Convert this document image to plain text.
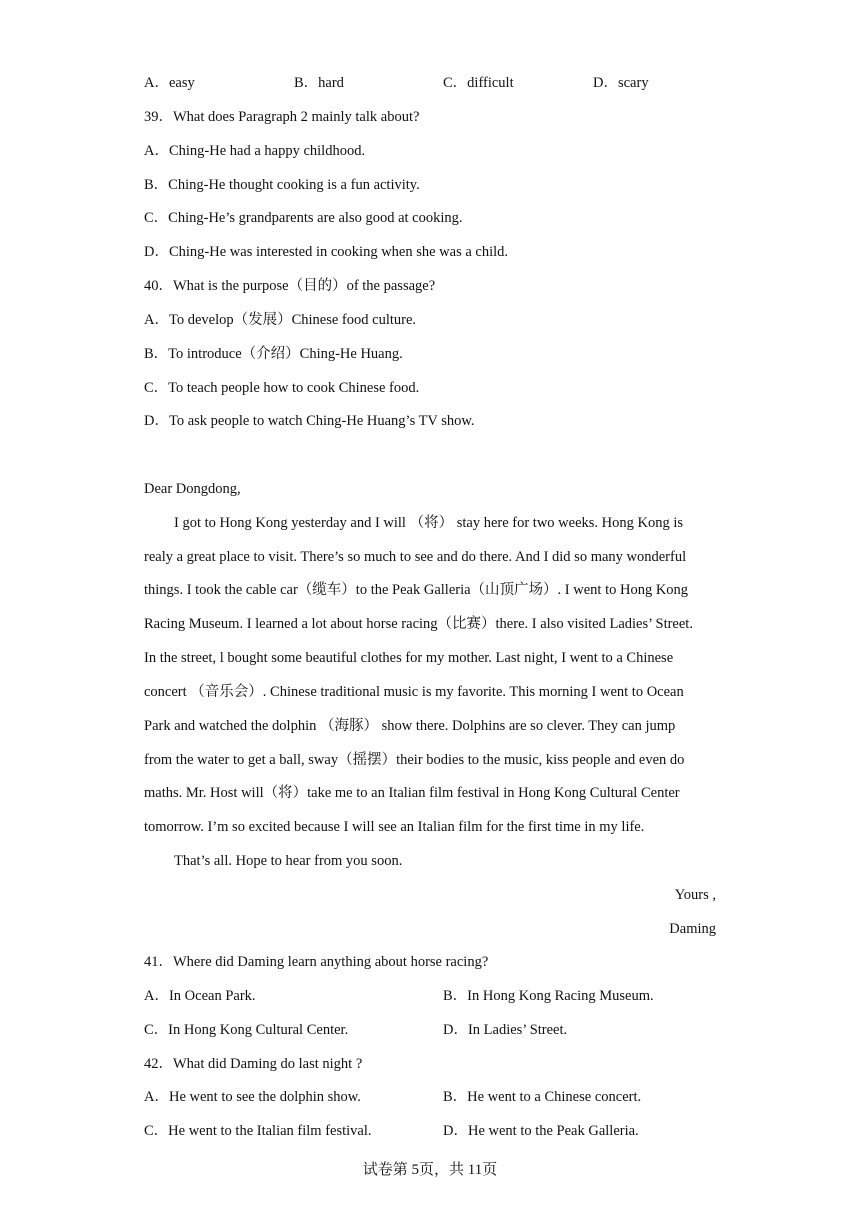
A．easy	B．hard	C．difficult	D．scary
39．What does Paragraph 2 mainly talk about?
A．Ching-He had a happy childhood.
B．Ching-He thought cooking is a fun activity.
C．Ching-He’s grandparents are also good at cooking.
D．Ching-He was interested in cooking when she was a child.
40．What is the purpose（目的）of the passage?
A．To develop（发展）Chinese food culture.
B．To introduce（介绍）Ching-He Huang.
C．To teach people how to cook Chinese food.
D．To ask people to watch Ching-He Huang’s TV show.
Dear Dongdong,
I got to Hong Kong yesterday and I will （将） stay here for two weeks. Hong Kong is
realy a great place to visit. There’s so much to see and do there. And I did so many wonderful
things. I took the cable car（缆车）to the Peak Galleria（山顶广场）. I went to Hong Kong
Racing Museum. I learned a lot about horse racing（比赛）there. I also visited Ladies’ Street.
In the street, l bought some beautiful clothes for my mother. Last night, I went to a Chinese
concert （音乐会）. Chinese traditional music is my favorite. This morning I went to Ocean
Park and watched the dolphin （海豚） show there. Dolphins are so clever. They can jump
from the water to get a ball, sway（摇摆）their bodies to the music, kiss people and even do
maths. Mr. Host will（将）take me to an Italian film festival in Hong Kong Cultural Center
tomorrow. I’m so excited because I will see an Italian film for the first time in my life.
That’s all. Hope to hear from you soon.
Yours ,
Daming
41．Where did Daming learn anything about horse racing?
A．In Ocean Park.	B．In Hong Kong Racing Museum.
C．In Hong Kong Cultural Center.	D．In Ladies’ Street.
42．What did Daming do last night ?
A．He went to see the dolphin show.	B．He went to a Chinese concert.
C．He went to the Italian film festival.	D．He went to the Peak Galleria.
试卷第 5页，共 11页
